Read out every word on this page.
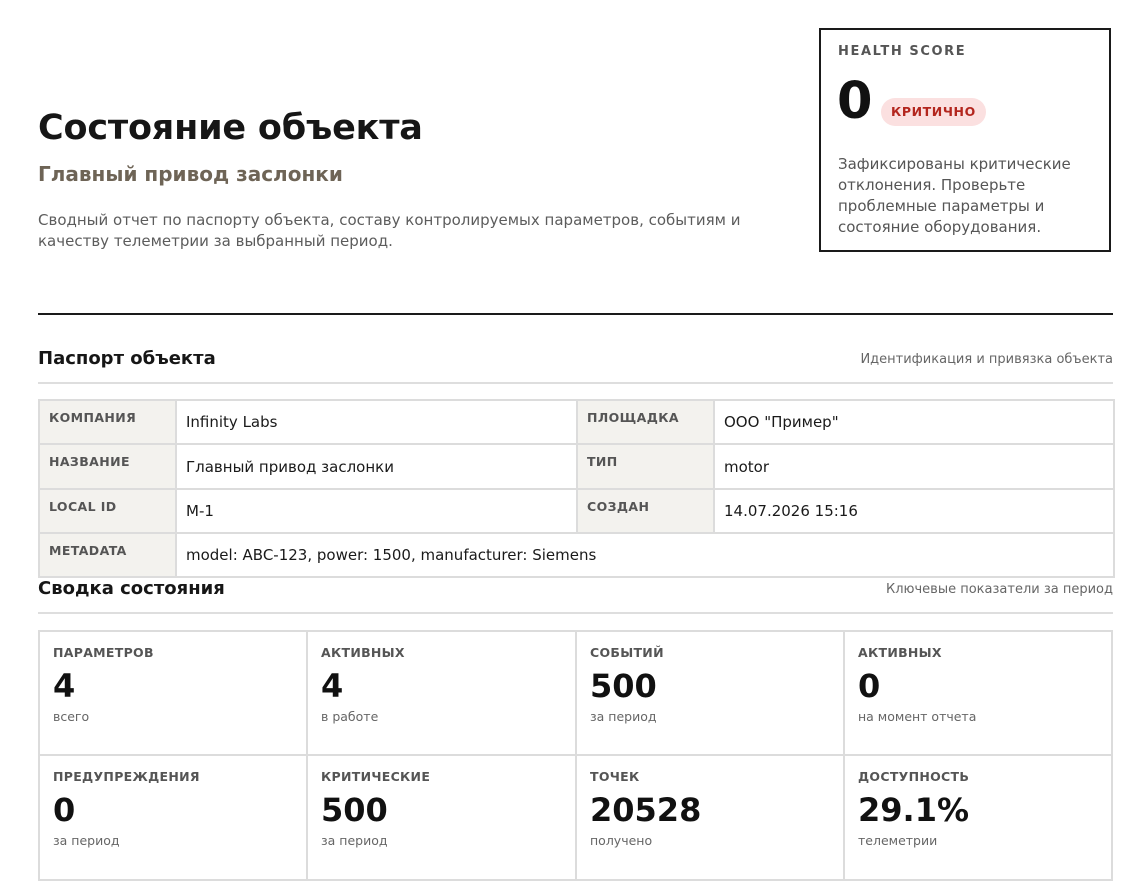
Состояние объекта
Главный привод заслонки
Сводный отчет по паспорту объекта, составу контролируемых параметров, событиям и качеству телеметрии за выбранный период.
HEALTH SCORE
0	КРИТИЧНО
Зафиксированы критические отклонения. Проверьте проблемные параметры и состояние оборудования.
Паспорт объекта	Идентификация и привязка объекта
КОМПАНИЯ	Infinity Labs	ПЛОЩАДКА	ООО "Пример"
НАЗВАНИЕ	Главный привод заслонки	ТИП	motor
LOCAL ID	M-1	СОЗДАН	14.07.2026 15:16
METADATA	model: ABC-123, power: 1500, manufacturer: Siemens		
Сводка состояния	Ключевые показатели за период
ПАРАМЕТРОВ
4
всего
АКТИВНЫХ
4
в работе
СОБЫТИЙ
500
за период
АКТИВНЫХ
0
на момент отчета
ПРЕДУПРЕЖДЕНИЯ
0
за период
КРИТИЧЕСКИЕ
500
за период
ТОЧЕК
20528
получено
ДОСТУПНОСТЬ
29.1%
телеметрии
